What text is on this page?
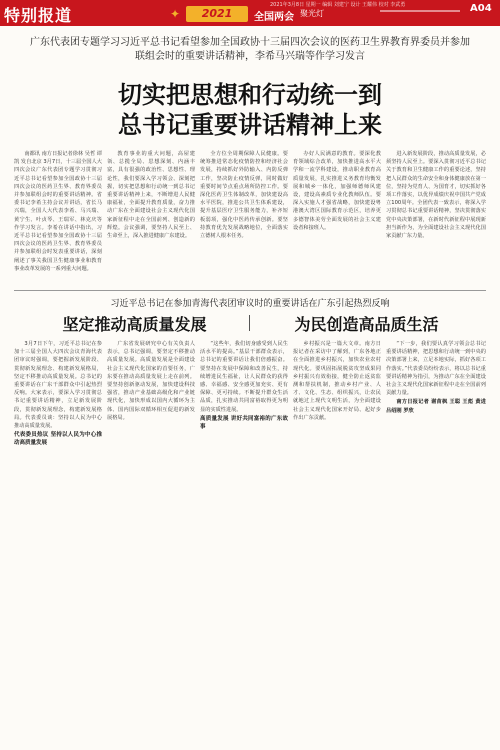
特别报道	✦	2021	全国两会 聚光灯
2021年3月8日 星期一 编辑 刘建宁 设计 王耀伟 校对 李武勇	A04
广东代表团专题学习习近平总书记看望参加全国政协十三届四次会议的医药卫生界教育界委员并参加联组会时的重要讲话精神，李希马兴瑞等作学习发言
切实把思想和行动统一到
总书记重要讲话精神上来

南都讯 南方日报记者徐林 吴哲 谭凯 发自北京 3月7日，十三届全国人大四次会议广东代表团专题学习贯彻习近平总书记看望参加全国政协十三届四次会议的医药卫生界、教育界委员并参加联组会时的重要讲话精神。省委书记李希主持会议并讲话，省长马兴瑞，全国人大代表李希、马兴瑞、黄宁生、叶贞琴、王瑞军、林克庆等作学习发言。李希在讲话中指出，习近平总书记看望参加全国政协十三届四次会议的医药卫生界、教育界委员并参加联组会时发表重要讲话，深刻阐述了事关我国卫生健康事业和教育事业改革发展的一系列重大问题。

教育事业的重大问题，高屋建瓴、总揽全局、思想深刻、内涵丰富，具有很强的政治性、思想性、理论性，我们要深入学习领会、深刻把握，切实把思想和行动统一到总书记重要讲话精神上来，不断增进人民健康福祉，全面提升教育质量，奋力推动广东在全面建设社会主义现代化国家新征程中走在全国前列、创造新的辉煌。会议强调，要坚持人民至上、生命至上，深入推进健康广东建设。

全方位全周期保障人民健康。要统筹推进常态化疫情防控和经济社会发展，持续抓好外防输入、内防反弹工作，坚决防止疫情反弹，同时做好重要时间节点重点场所防控工作。要深化医药卫生体制改革，加快建设高水平医院，推进公共卫生体系建设，提升基层医疗卫生服务能力，补齐短板弱项，强化中医药传承创新。要坚持教育优先发展战略地位，全面落实立德树人根本任务。

办好人民满意的教育。要深化教育领域综合改革，加快推进高水平大学和一流学科建设，推动职业教育高质量发展，扎实推进义务教育均衡发展和城乡一体化，加强师德师风建设，建设高素质专业化教师队伍。要深入实施人才强省战略，加快建设粤港澳大湾区国际教育示范区，培养更多德智体美劳全面发展的社会主义建设者和接班人。

进入新发展阶段，推动高质量发展，必须坚持人民至上。要深入贯彻习近平总书记关于教育和卫生健康工作的重要论述，坚持把人民群众的生命安全和身体健康放在第一位，坚持为党育人、为国育才，切实抓好各项工作落实，以优异成绩庆祝中国共产党成立100周年。全团代表一致表示，将深入学习贯彻总书记重要讲话精神，坚决贯彻落实党中央决策部署，在新时代新征程中展现新担当新作为，为全面建设社会主义现代化国家贡献广东力量。

习近平总书记在参加青海代表团审议时的重要讲话在广东引起热烈反响
坚定推动高质量发展	为民创造高品质生活

3月7日下午，习近平总书记在参加十三届全国人大四次会议青海代表团审议时强调，要把握新发展阶段、贯彻新发展理念、构建新发展格局，坚定不移推动高质量发展。总书记的重要讲话在广东干部群众中引起热烈反响。大家表示，要深入学习贯彻总书记重要讲话精神，立足新发展阶段，贯彻新发展理念，构建新发展格局。代表委员谈：坚持以人民为中心推动高质量发展。

代表委员热议 坚持以人民为中心推动高质量发展

广东省发展研究中心有关负责人表示，总书记强调，要坚定不移推动高质量发展。高质量发展是全面建设社会主义现代化国家的首要任务，广东要在推动高质量发展上走在前列。要坚持创新驱动发展，加快建设科技强省，推动产业基础高级化和产业链现代化，加快形成以国内大循环为主体、国内国际双循环相互促进的新发展格局。

“这些年，我们切身感受到人民生活水平的提高。”基层干部群众表示，总书记的重要讲话让我们倍感振奋。要坚持在发展中保障和改善民生，持续增进民生福祉，让人民群众的获得感、幸福感、安全感更加充实、更有保障、更可持续。不断提升群众生活品质，扎实推动共同富裕取得更为明显的实质性进展。

高质量发展 讲好共同富裕的广东故事

乡村振兴是一篇大文章。南方日报记者在采访中了解到，广东各地正在全面推进乡村振兴，加快农业农村现代化。要巩固拓展脱贫攻坚成果同乡村振兴有效衔接，健全防止返贫监测和帮扶机制，推动乡村产业、人才、文化、生态、组织振兴，让农民就地过上现代文明生活，为全面建设社会主义现代化国家开好局、起好步作出广东贡献。

“下一步，我们要认真学习领会总书记重要讲话精神，把思想和行动统一到中央的决策部署上来，立足本地实际，抓好各项工作落实。”代表委员纷纷表示，将以总书记重要讲话精神为指引，为推动广东在全面建设社会主义现代化国家新征程中走在全国前列贡献力量。

南方日报记者 谢苗枫 王聪 王彪 黄进 吕绍刚 罗欣
